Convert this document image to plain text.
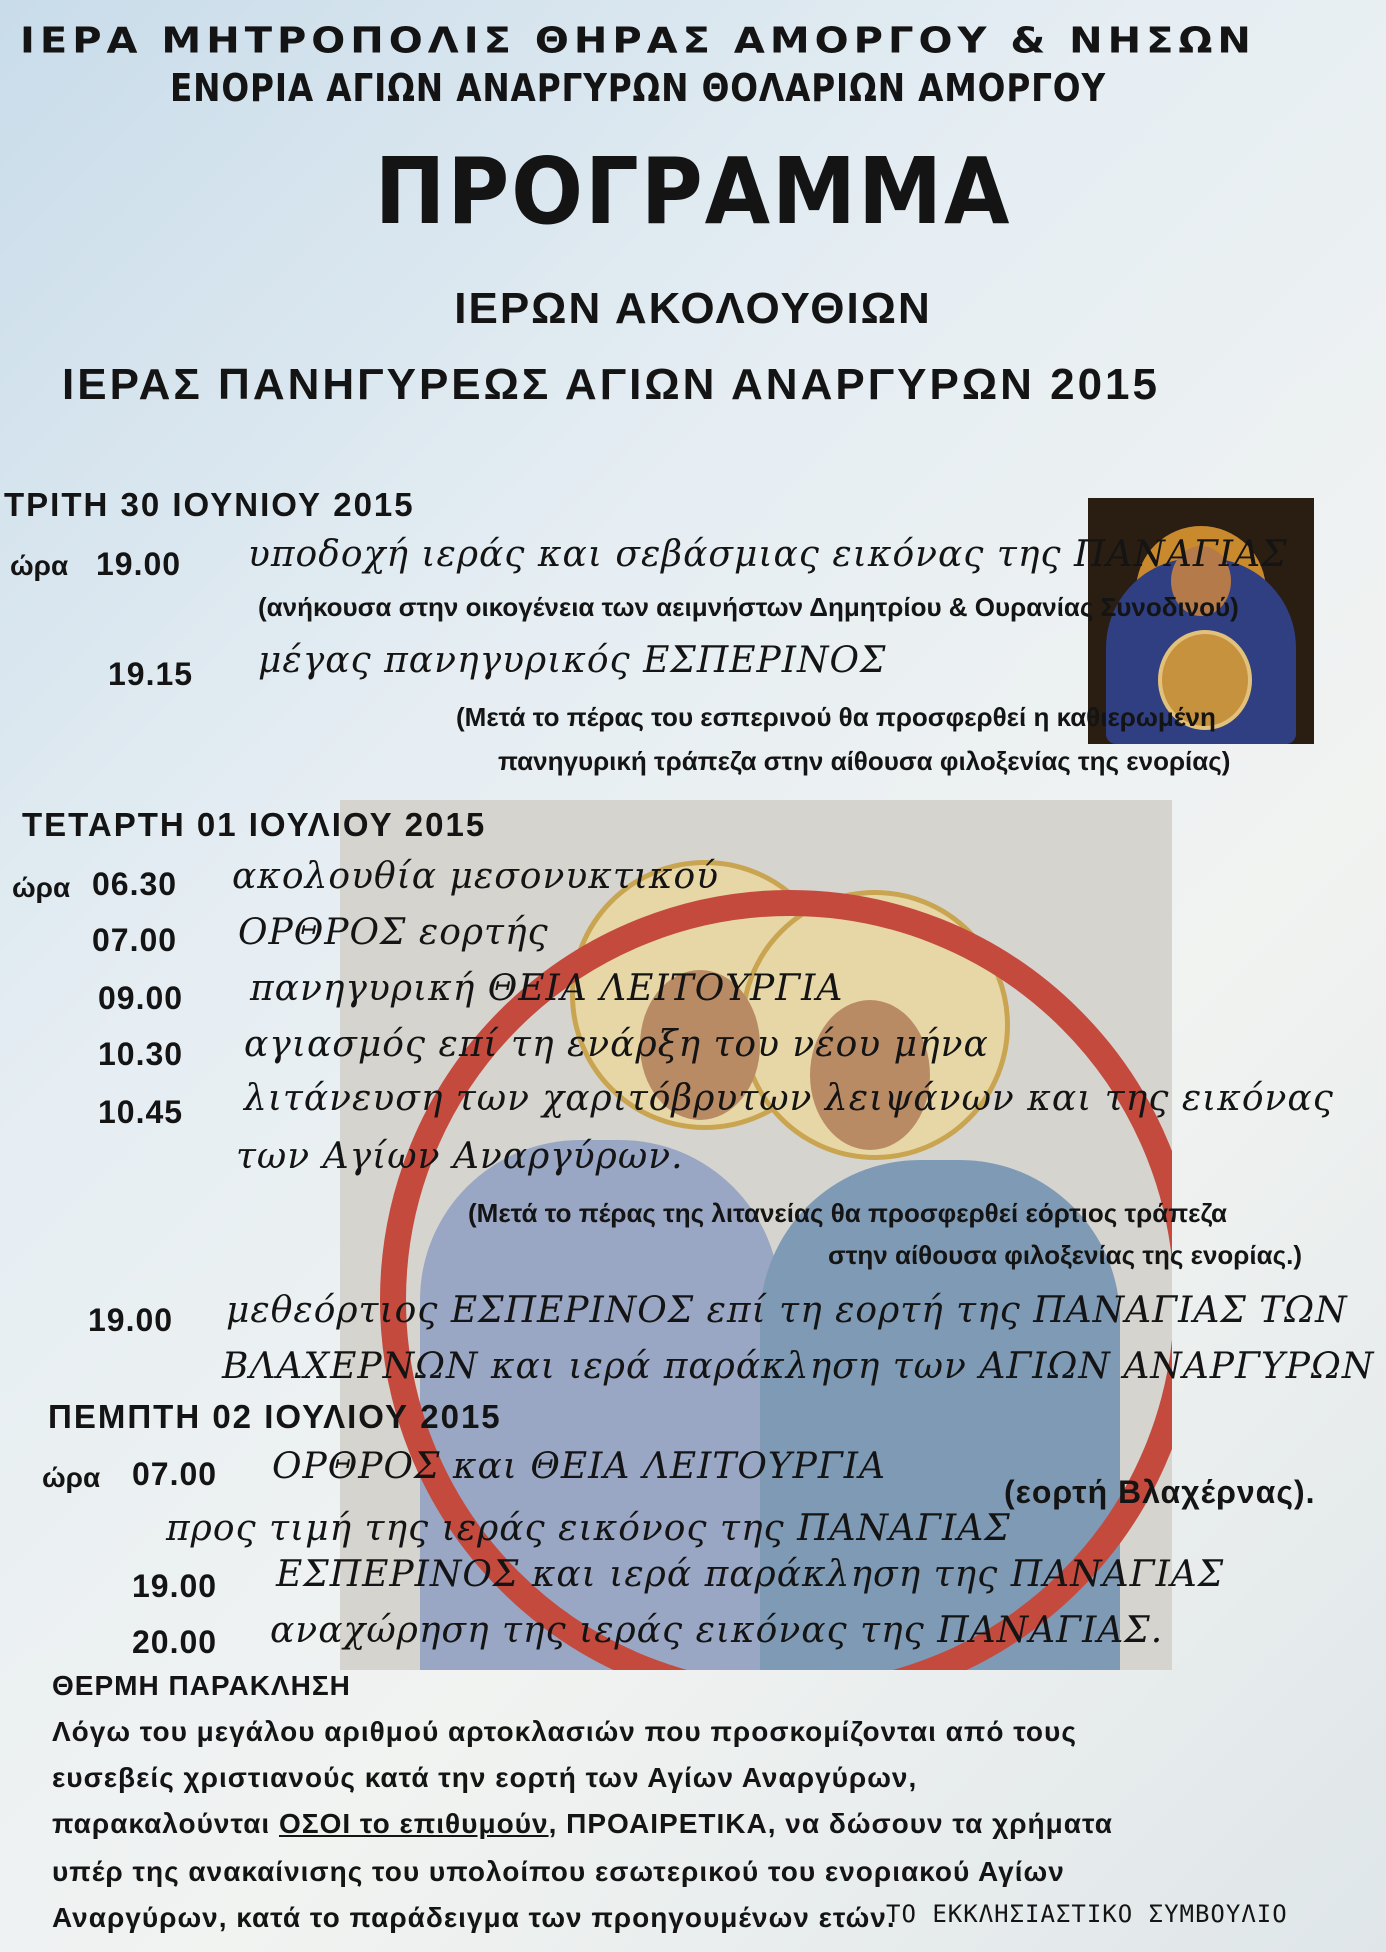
ΙΕΡΑ ΜΗΤΡΟΠΟΛΙΣ ΘΗΡΑΣ ΑΜΟΡΓΟΥ & ΝΗΣΩΝ
ΕΝΟΡΙΑ ΑΓΙΩΝ ΑΝΑΡΓΥΡΩΝ ΘΟΛΑΡΙΩΝ ΑΜΟΡΓΟΥ
ΠΡΟΓΡΑΜΜΑ
ΙΕΡΩΝ ΑΚΟΛΟΥΘΙΩΝ
ΙΕΡΑΣ ΠΑΝΗΓΥΡΕΩΣ ΑΓΙΩΝ ΑΝΑΡΓΥΡΩΝ 2015
ΤΡΙΤΗ 30 ΙΟΥΝΙΟΥ 2015
ώρα 19.00 υποδοχή ιεράς και σεβάσμιας εικόνας της ΠΑΝΑΓΙΑΣ
(ανήκουσα στην οικογένεια των αειμνήστων Δημητρίου & Ουρανίας Συνοδινού)
19.15 μέγας πανηγυρικός ΕΣΠΕΡΙΝΟΣ
(Μετά το πέρας του εσπερινού θα προσφερθεί η καθιερωμένη
πανηγυρική τράπεζα στην αίθουσα φιλοξενίας της ενορίας)
ΤΕΤΑΡΤΗ 01 ΙΟΥΛΙΟΥ 2015
ώρα 06.30 ακολουθία μεσονυκτικού
07.00 ΟΡΘΡΟΣ εορτής
09.00 πανηγυρική ΘΕΙΑ ΛΕΙΤΟΥΡΓΙΑ
10.30 αγιασμός επί τη ενάρξη του νέου μήνα
10.45 λιτάνευση των χαριτόβρυτων λειψάνων και της εικόνας
των Αγίων Αναργύρων.
(Μετά το πέρας της λιτανείας θα προσφερθεί εόρτιος τράπεζα
στην αίθουσα φιλοξενίας της ενορίας.)
19.00 μεθεόρτιος ΕΣΠΕΡΙΝΟΣ επί τη εορτή της ΠΑΝΑΓΙΑΣ ΤΩΝ
ΒΛΑΧΕΡΝΩΝ και ιερά παράκληση των ΑΓΙΩΝ ΑΝΑΡΓΥΡΩΝ
ΠΕΜΠΤΗ 02 ΙΟΥΛΙΟΥ 2015
ώρα 07.00 ΟΡΘΡΟΣ και ΘΕΙΑ ΛΕΙΤΟΥΡΓΙΑ
προς τιμή της ιεράς εικόνος της ΠΑΝΑΓΙΑΣ
(εορτή Βλαχέρνας).
19.00 ΕΣΠΕΡΙΝΟΣ και ιερά παράκληση της ΠΑΝΑΓΙΑΣ
20.00 αναχώρηση της ιεράς εικόνας της ΠΑΝΑΓΙΑΣ.
ΘΕΡΜΗ ΠΑΡΑΚΛΗΣΗ
Λόγω του μεγάλου αριθμού αρτοκλασιών που προσκομίζονται από τους
ευσεβείς χριστιανούς κατά την εορτή των Αγίων Αναργύρων,
παρακαλούνται ΟΣΟΙ το επιθυμούν, ΠΡΟΑΙΡΕΤΙΚΑ, να δώσουν τα χρήματα
υπέρ της ανακαίνισης του υπολοίπου εσωτερικού του ενοριακού Αγίων
Αναργύρων, κατά το παράδειγμα των προηγουμένων ετών.
ΤΟ ΕΚΚΛΗΣΙΑΣΤΙΚΟ ΣΥΜΒΟΥΛΙΟ
